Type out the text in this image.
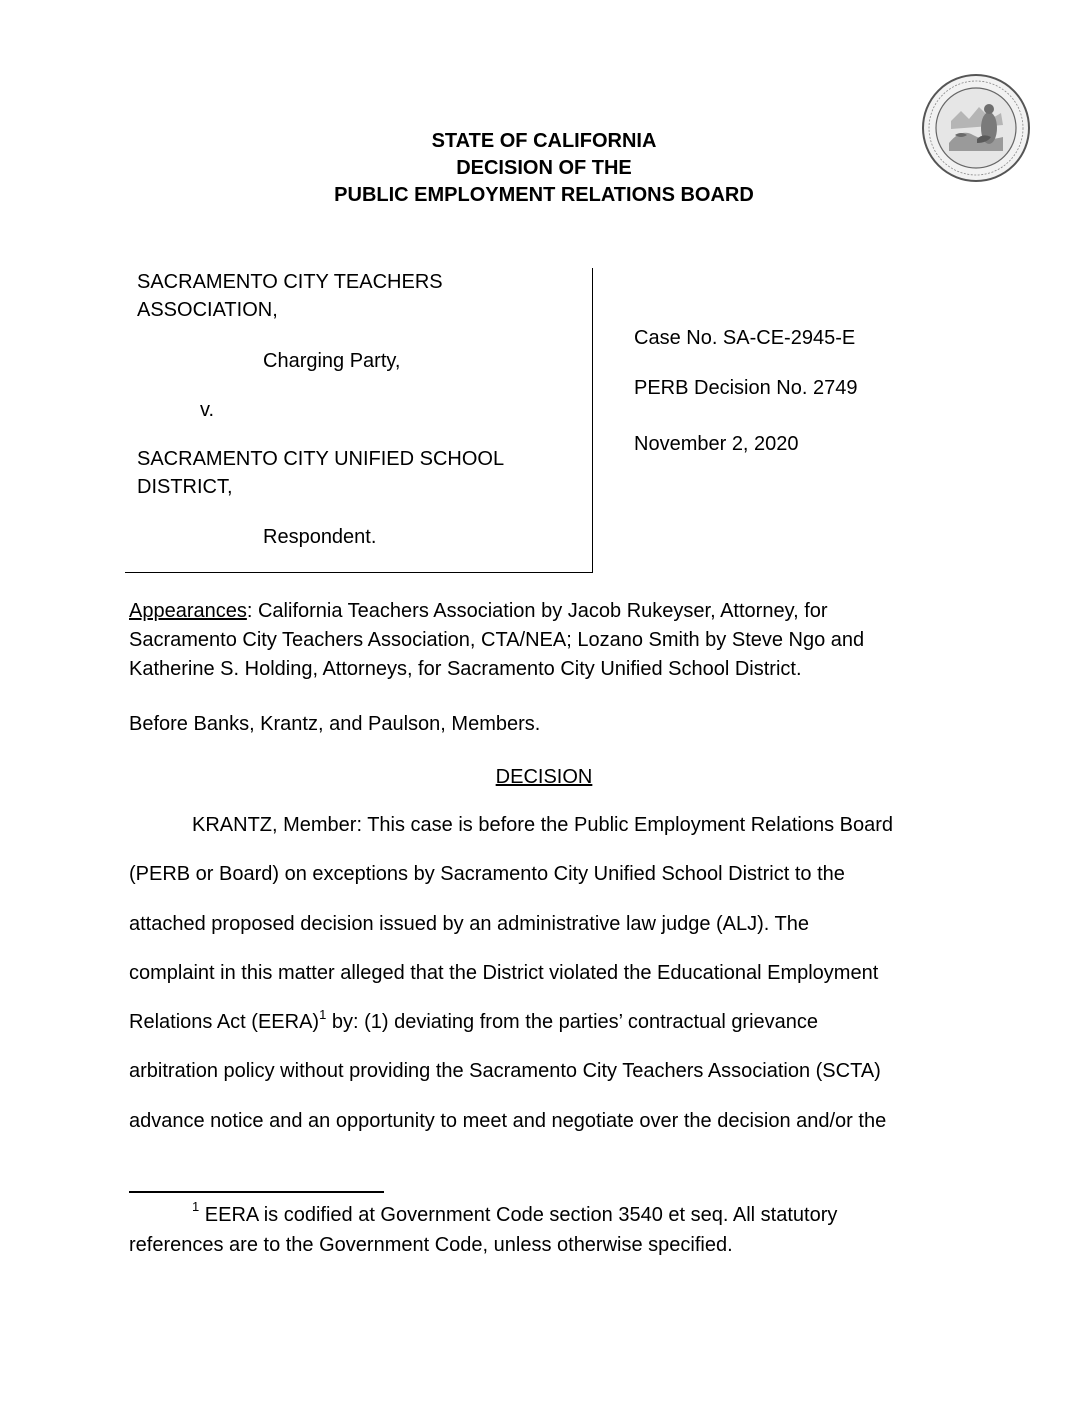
STATE OF CALIFORNIA
DECISION OF THE
PUBLIC EMPLOYMENT RELATIONS BOARD
SACRAMENTO CITY TEACHERS
ASSOCIATION,
Charging Party,
v.
SACRAMENTO CITY UNIFIED SCHOOL
DISTRICT,
Respondent.
Case No. SA-CE-2945-E
PERB Decision No. 2749
November 2, 2020
Appearances: California Teachers Association by Jacob Rukeyser, Attorney, for
Sacramento City Teachers Association, CTA/NEA; Lozano Smith by Steve Ngo and
Katherine S. Holding, Attorneys, for Sacramento City Unified School District.
Before Banks, Krantz, and Paulson, Members.
DECISION
KRANTZ, Member: This case is before the Public Employment Relations Board
(PERB or Board) on exceptions by Sacramento City Unified School District to the
attached proposed decision issued by an administrative law judge (ALJ). The
complaint in this matter alleged that the District violated the Educational Employment
Relations Act (EERA)$^1$ by: (1) deviating from the parties’ contractual grievance
arbitration policy without providing the Sacramento City Teachers Association (SCTA)
advance notice and an opportunity to meet and negotiate over the decision and/or the
$^1$ EERA is codified at Government Code section 3540 et seq. All statutory
references are to the Government Code, unless otherwise specified.
